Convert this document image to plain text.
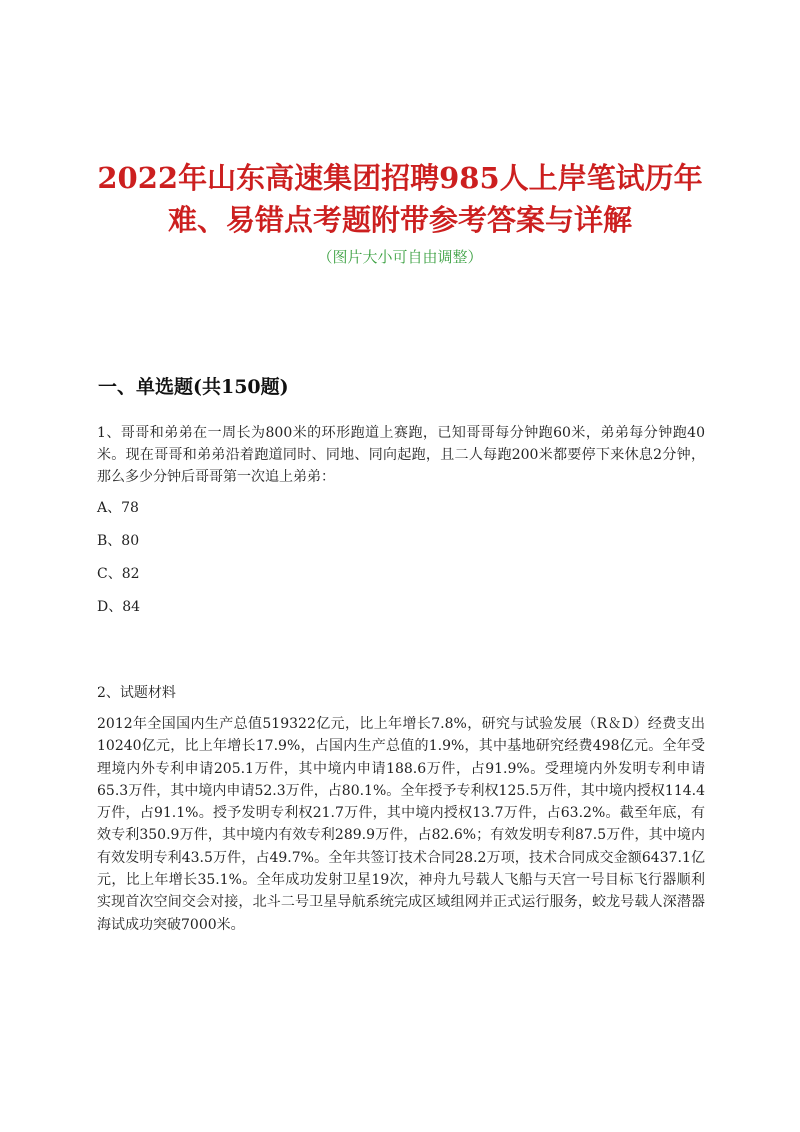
2022年山东高速集团招聘985人上岸笔试历年
难、易错点考题附带参考答案与详解
（图片大小可自由调整）
一、单选题(共150题)
1、哥哥和弟弟在一周长为800米的环形跑道上赛跑，已知哥哥每分钟跑60米，弟弟每分钟跑40米。现在哥哥和弟弟沿着跑道同时、同地、同向起跑，且二人每跑200米都要停下来休息2分钟，那么多少分钟后哥哥第一次追上弟弟：
A、78
B、80
C、82
D、84
2、试题材料
2012年全国国内生产总值519322亿元，比上年增长7.8%，研究与试验发展（R＆D）经费支出10240亿元，比上年增长17.9%，占国内生产总值的1.9%，其中基地研究经费498亿元。全年受理境内外专利申请205.1万件，其中境内申请188.6万件，占91.9%。受理境内外发明专利申请65.3万件，其中境内申请52.3万件，占80.1%。全年授予专利权125.5万件，其中境内授权114.4万件，占91.1%。授予发明专利权21.7万件，其中境内授权13.7万件，占63.2%。截至年底，有效专利350.9万件，其中境内有效专利289.9万件，占82.6%；有效发明专利87.5万件，其中境内有效发明专利43.5万件，占49.7%。全年共签订技术合同28.2万项，技术合同成交金额6437.1亿元，比上年增长35.1%。全年成功发射卫星19次，神舟九号载人飞船与天宫一号目标飞行器顺利实现首次空间交会对接，北斗二号卫星导航系统完成区域组网并正式运行服务，蛟龙号载人深潜器海试成功突破7000米。
